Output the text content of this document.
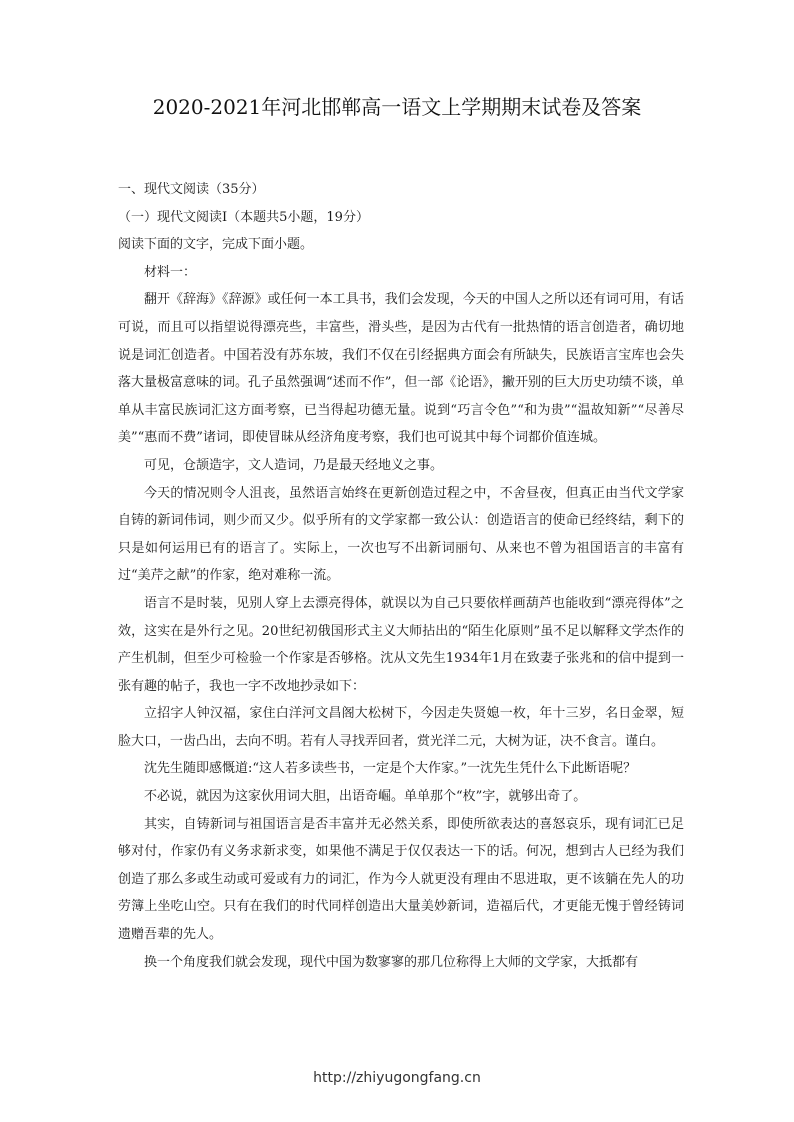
2020-2021年河北邯郸高一语文上学期期末试卷及答案

一、现代文阅读（35分）

（一）现代文阅读Ⅰ（本题共5小题，19分）

阅读下面的文字，完成下面小题。

材料一：

翻开《辞海》《辞源》或任何一本工具书，我们会发现，今天的中国人之所以还有词可用，有话可说，而且可以指望说得漂亮些，丰富些，滑头些，是因为古代有一批热情的语言创造者，确切地说是词汇创造者。中国若没有苏东坡，我们不仅在引经据典方面会有所缺失，民族语言宝库也会失落大量极富意味的词。孔子虽然强调“述而不作”，但一部《论语》，撇开别的巨大历史功绩不谈，单单从丰富民族词汇这方面考察，已当得起功德无量。说到“巧言令色”“和为贵”“温故知新”“尽善尽美”“惠而不费”诸词，即使冒昧从经济角度考察，我们也可说其中每个词都价值连城。

可见，仓颉造字，文人造词，乃是最天经地义之事。

今天的情况则令人沮丧，虽然语言始终在更新创造过程之中，不舍昼夜，但真正由当代文学家自铸的新词伟词，则少而又少。似乎所有的文学家都一致公认：创造语言的使命已经终结，剩下的只是如何运用已有的语言了。实际上，一次也写不出新词丽句、从来也不曾为祖国语言的丰富有过“美芹之献”的作家，绝对难称一流。

语言不是时装，见别人穿上去漂亮得体，就误以为自己只要依样画葫芦也能收到“漂亮得体”之效，这实在是外行之见。20世纪初俄国形式主义大师拈出的“陌生化原则”虽不足以解释文学杰作的产生机制，但至少可检验一个作家是否够格。沈从文先生1934年1月在致妻子张兆和的信中提到一张有趣的帖子，我也一字不改地抄录如下：

立招字人钟汉福，家住白洋河文昌阁大松树下，今因走失贤媳一枚，年十三岁，名日金翠，短脸大口，一齿凸出，去向不明。若有人寻找弄回者，赏光洋二元，大树为证，决不食言。谨白。

沈先生随即感慨道:“这人若多读些书，一定是个大作家。”一沈先生凭什么下此断语呢？

不必说，就因为这家伙用词大胆，出语奇崛。单单那个“枚”字，就够出奇了。

其实，自铸新词与祖国语言是否丰富并无必然关系，即使所欲表达的喜怒哀乐，现有词汇已足够对付，作家仍有义务求新求变，如果他不满足于仅仅表达一下的话。何况，想到古人已经为我们创造了那么多或生动或可爱或有力的词汇，作为今人就更没有理由不思进取，更不该躺在先人的功劳簿上坐吃山空。只有在我们的时代同样创造出大量美妙新词，造福后代，才更能无愧于曾经铸词遗赠吾辈的先人。

换一个角度我们就会发现，现代中国为数寥寥的那几位称得上大师的文学家，大抵都有

http://zhiyugongfang.cn
